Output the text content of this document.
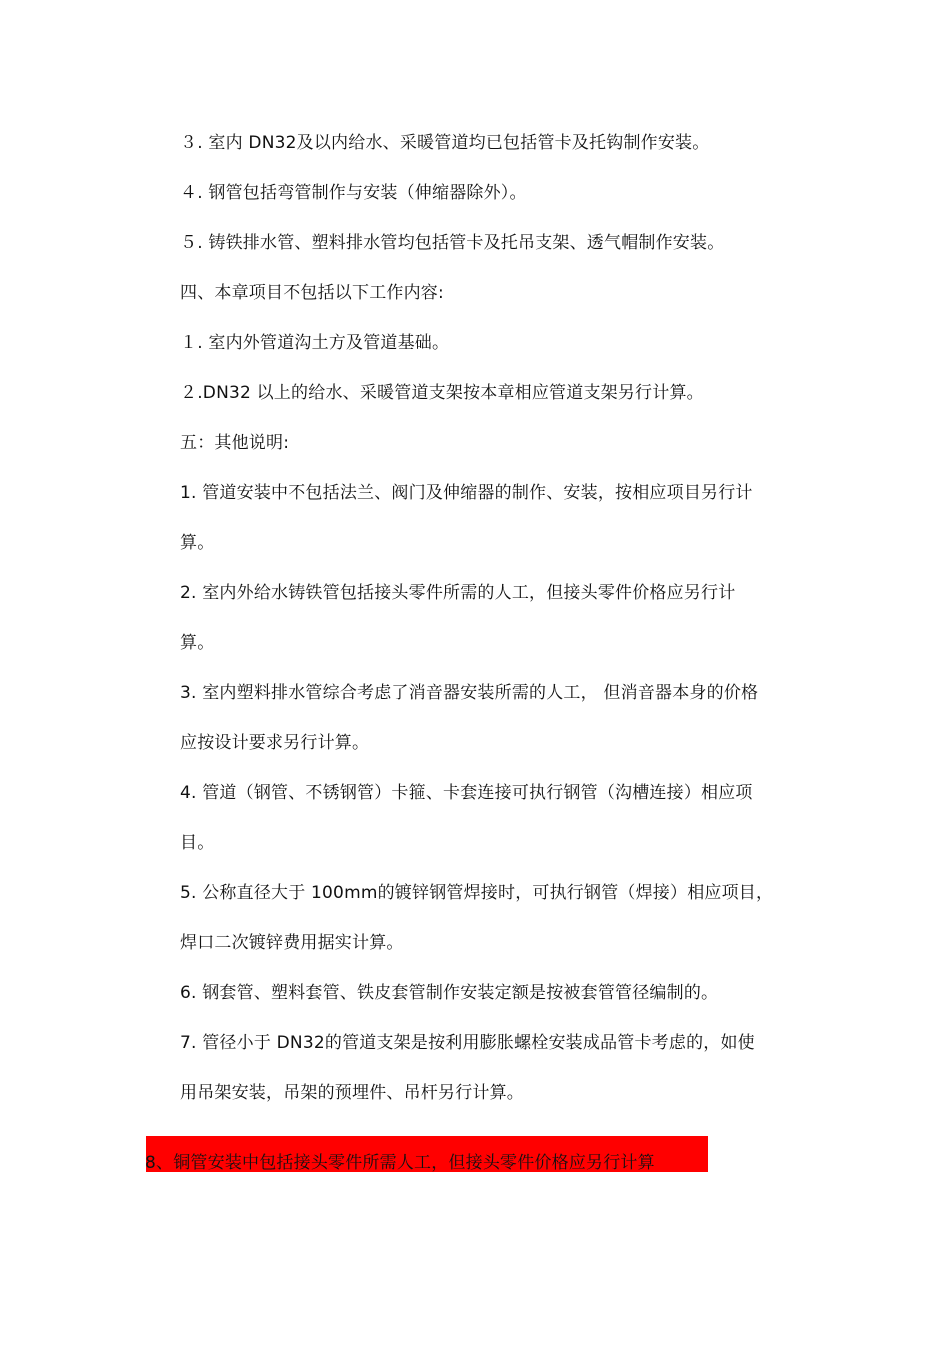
３. 室内 DN32及以内给水、采暖管道均已包括管卡及托钩制作安装。
４. 钢管包括弯管制作与安装（伸缩器除外）。
５. 铸铁排水管、塑料排水管均包括管卡及托吊支架、透气帽制作安装。
四、本章项目不包括以下工作内容:
１. 室内外管道沟土方及管道基础。
２.DN32 以上的给水、采暖管道支架按本章相应管道支架另行计算。
五：其他说明:
1. 管道安装中不包括法兰、阀门及伸缩器的制作、安装，按相应项目另行计
算。
2. 室内外给水铸铁管包括接头零件所需的人工，但接头零件价格应另行计
算。
3. 室内塑料排水管综合考虑了消音器安装所需的人工， 但消音器本身的价格
应按设计要求另行计算。
4. 管道（钢管、不锈钢管）卡箍、卡套连接可执行钢管（沟槽连接）相应项
目。
5. 公称直径大于 100mm的镀锌钢管焊接时，可执行钢管（焊接）相应项目，
焊口二次镀锌费用据实计算。
6. 钢套管、塑料套管、铁皮套管制作安装定额是按被套管管径编制的。
7. 管径小于 DN32的管道支架是按利用膨胀螺栓安装成品管卡考虑的，如使
用吊架安装，吊架的预埋件、吊杆另行计算。
8、铜管安装中包括接头零件所需人工，但接头零件价格应另行计算
